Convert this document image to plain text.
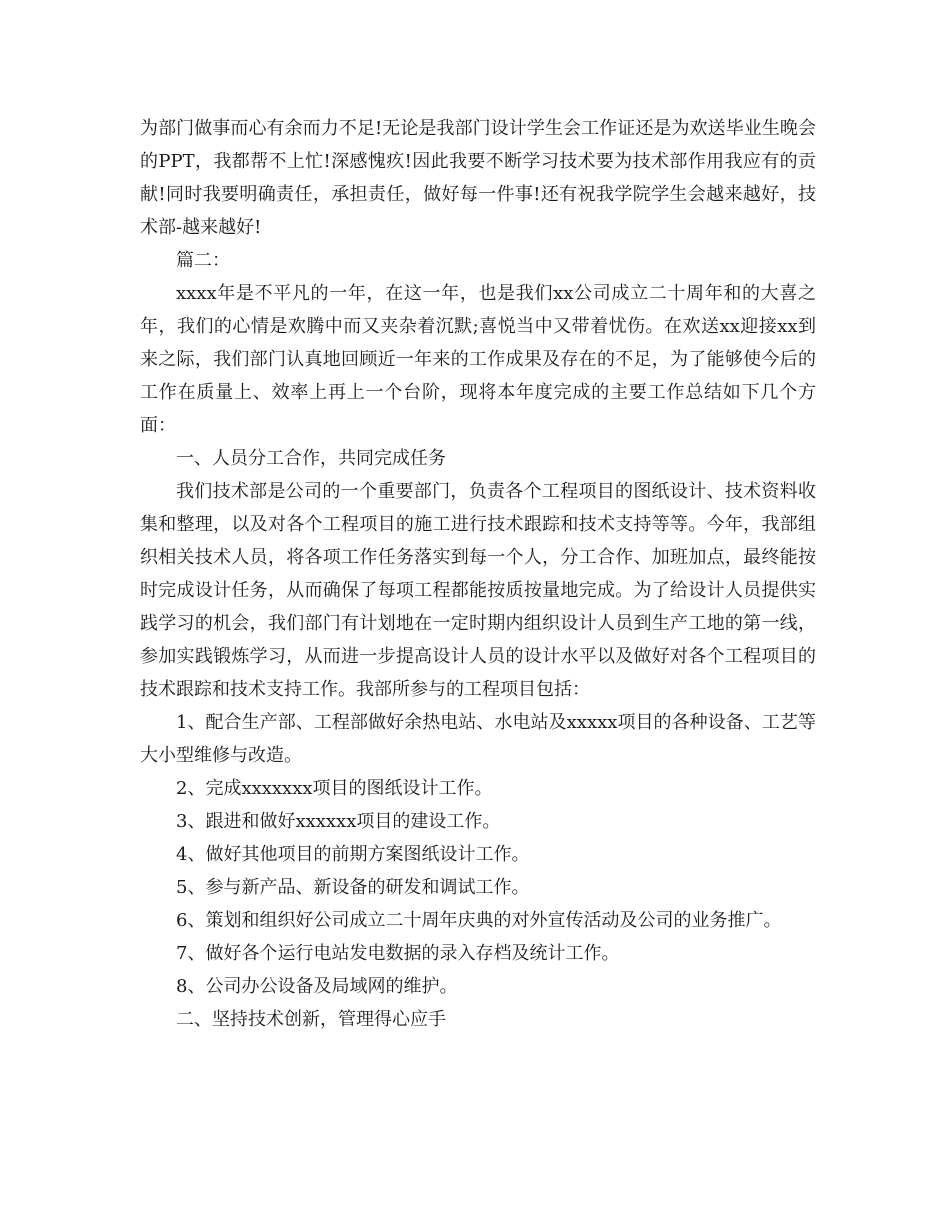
为部门做事而心有余而力不足!无论是我部门设计学生会工作证还是为欢送毕业生晚会的PPT，我都帮不上忙!深感愧疚!因此我要不断学习技术要为技术部作用我应有的贡献!同时我要明确责任，承担责任，做好每一件事!还有祝我学院学生会越来越好，技术部-越来越好!

篇二：

xxxx年是不平凡的一年，在这一年，也是我们xx公司成立二十周年和的大喜之年，我们的心情是欢腾中而又夹杂着沉默;喜悦当中又带着忧伤。在欢送xx迎接xx到来之际，我们部门认真地回顾近一年来的工作成果及存在的不足，为了能够使今后的工作在质量上、效率上再上一个台阶，现将本年度完成的主要工作总结如下几个方面：

一、人员分工合作，共同完成任务

我们技术部是公司的一个重要部门，负责各个工程项目的图纸设计、技术资料收集和整理，以及对各个工程项目的施工进行技术跟踪和技术支持等等。今年，我部组织相关技术人员，将各项工作任务落实到每一个人，分工合作、加班加点，最终能按时完成设计任务，从而确保了每项工程都能按质按量地完成。为了给设计人员提供实践学习的机会，我们部门有计划地在一定时期内组织设计人员到生产工地的第一线，参加实践锻炼学习，从而进一步提高设计人员的设计水平以及做好对各个工程项目的技术跟踪和技术支持工作。我部所参与的工程项目包括：

1、配合生产部、工程部做好余热电站、水电站及xxxxx项目的各种设备、工艺等大小型维修与改造。

2、完成xxxxxxx项目的图纸设计工作。

3、跟进和做好xxxxxx项目的建设工作。

4、做好其他项目的前期方案图纸设计工作。

5、参与新产品、新设备的研发和调试工作。

6、策划和组织好公司成立二十周年庆典的对外宣传活动及公司的业务推广。

7、做好各个运行电站发电数据的录入存档及统计工作。

8、公司办公设备及局域网的维护。

二、坚持技术创新，管理得心应手
